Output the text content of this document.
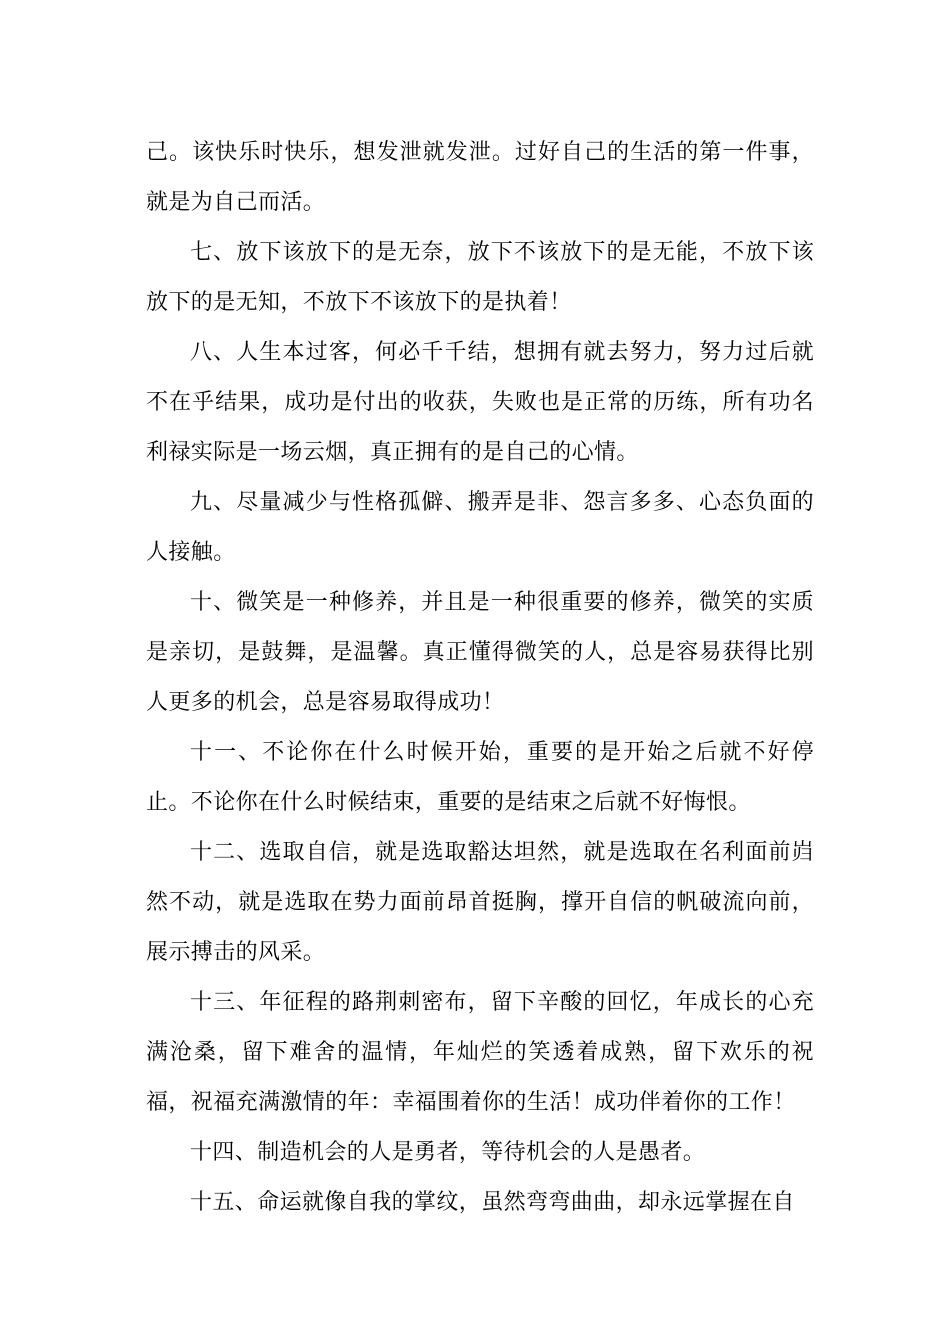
己。该快乐时快乐，想发泄就发泄。过好自己的生活的第一件事，就是为自己而活。

七、放下该放下的是无奈，放下不该放下的是无能，不放下该放下的是无知，不放下不该放下的是执着！

八、人生本过客，何必千千结，想拥有就去努力，努力过后就不在乎结果，成功是付出的收获，失败也是正常的历练，所有功名利禄实际是一场云烟，真正拥有的是自己的心情。

九、尽量减少与性格孤僻、搬弄是非、怨言多多、心态负面的人接触。

十、微笑是一种修养，并且是一种很重要的修养，微笑的实质是亲切，是鼓舞，是温馨。真正懂得微笑的人，总是容易获得比别人更多的机会，总是容易取得成功！

十一、不论你在什么时候开始，重要的是开始之后就不好停止。不论你在什么时候结束，重要的是结束之后就不好悔恨。

十二、选取自信，就是选取豁达坦然，就是选取在名利面前岿然不动，就是选取在势力面前昂首挺胸，撑开自信的帆破流向前，展示搏击的风采。

十三、年征程的路荆刺密布，留下辛酸的回忆，年成长的心充满沧桑，留下难舍的温情，年灿烂的笑透着成熟，留下欢乐的祝福，祝福充满激情的年：幸福围着你的生活！成功伴着你的工作！

十四、制造机会的人是勇者，等待机会的人是愚者。

十五、命运就像自我的掌纹，虽然弯弯曲曲，却永远掌握在自
